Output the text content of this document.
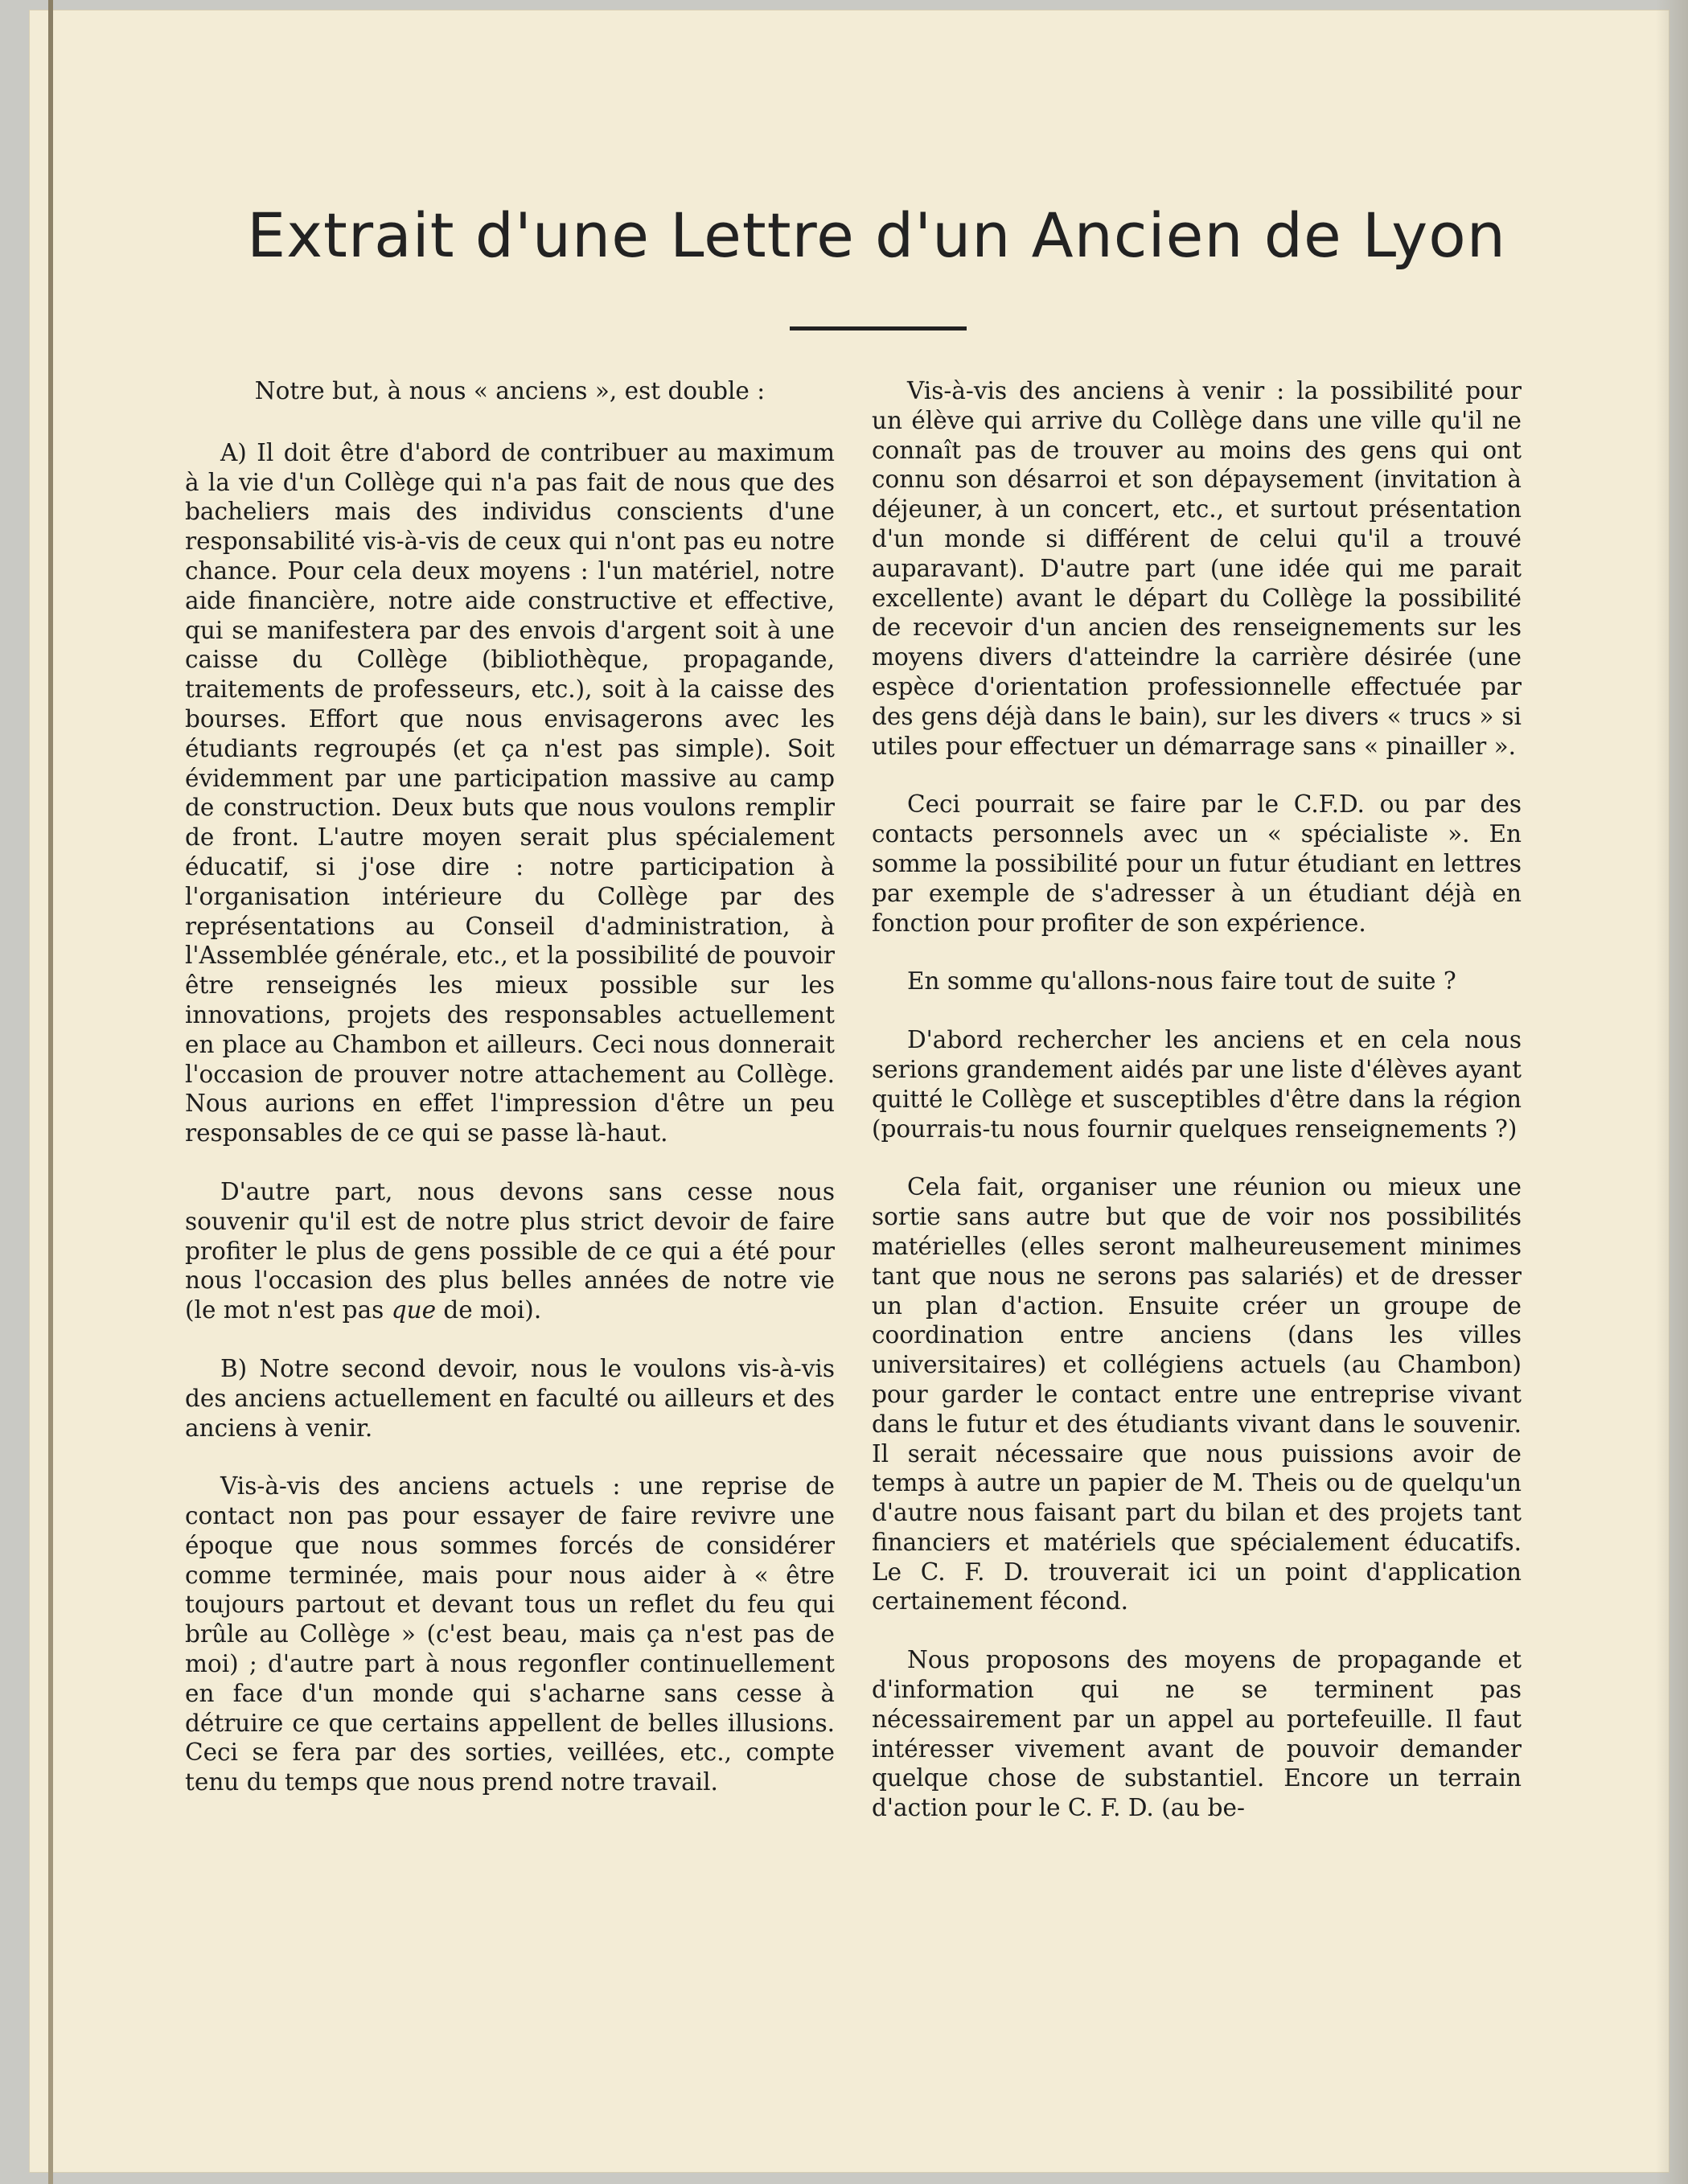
Extrait d'une Lettre d'un Ancien de Lyon

Notre but, à nous « anciens », est double :

A) Il doit être d'abord de contribuer au maximum à la vie d'un Collège qui n'a pas fait de nous que des bacheliers mais des individus conscients d'une responsabilité vis-à-vis de ceux qui n'ont pas eu notre chance. Pour cela deux moyens : l'un matériel, notre aide financière, notre aide constructive et effective, qui se manifestera par des envois d'argent soit à une caisse du Collège (bibliothèque, propagande, traitements de professeurs, etc.), soit à la caisse des bourses. Effort que nous envisagerons avec les étudiants regroupés (et ça n'est pas simple). Soit évidemment par une participation massive au camp de construction. Deux buts que nous voulons remplir de front. L'autre moyen serait plus spécialement éducatif, si j'ose dire : notre participation à l'organisation intérieure du Collège par des représentations au Conseil d'administration, à l'Assemblée générale, etc., et la possibilité de pouvoir être renseignés les mieux possible sur les innovations, projets des responsables actuellement en place au Chambon et ailleurs. Ceci nous donnerait l'occasion de prouver notre attachement au Collège. Nous aurions en effet l'impression d'être un peu responsables de ce qui se passe là-haut.

D'autre part, nous devons sans cesse nous souvenir qu'il est de notre plus strict devoir de faire profiter le plus de gens possible de ce qui a été pour nous l'occasion des plus belles années de notre vie (le mot n'est pas que de moi).

B) Notre second devoir, nous le voulons vis-à-vis des anciens actuellement en faculté ou ailleurs et des anciens à venir.

Vis-à-vis des anciens actuels : une reprise de contact non pas pour essayer de faire revivre une époque que nous sommes forcés de considérer comme terminée, mais pour nous aider à « être toujours partout et devant tous un reflet du feu qui brûle au Collège » (c'est beau, mais ça n'est pas de moi) ; d'autre part à nous regonfler continuellement en face d'un monde qui s'acharne sans cesse à détruire ce que certains appellent de belles illusions. Ceci se fera par des sorties, veillées, etc., compte tenu du temps que nous prend notre travail.

Vis-à-vis des anciens à venir : la possibilité pour un élève qui arrive du Collège dans une ville qu'il ne connaît pas de trouver au moins des gens qui ont connu son désarroi et son dépaysement (invitation à déjeuner, à un concert, etc., et surtout présentation d'un monde si différent de celui qu'il a trouvé auparavant). D'autre part (une idée qui me parait excellente) avant le départ du Collège la possibilité de recevoir d'un ancien des renseignements sur les moyens divers d'atteindre la carrière désirée (une espèce d'orientation professionnelle effectuée par des gens déjà dans le bain), sur les divers « trucs » si utiles pour effectuer un démarrage sans « pinailler ».

Ceci pourrait se faire par le C.F.D. ou par des contacts personnels avec un « spécialiste ». En somme la possibilité pour un futur étudiant en lettres par exemple de s'adresser à un étudiant déjà en fonction pour profiter de son expérience.

En somme qu'allons-nous faire tout de suite ?

D'abord rechercher les anciens et en cela nous serions grandement aidés par une liste d'élèves ayant quitté le Collège et susceptibles d'être dans la région (pourrais-tu nous fournir quelques renseignements ?)

Cela fait, organiser une réunion ou mieux une sortie sans autre but que de voir nos possibilités matérielles (elles seront malheureusement minimes tant que nous ne serons pas salariés) et de dresser un plan d'action. Ensuite créer un groupe de coordination entre anciens (dans les villes universitaires) et collégiens actuels (au Chambon) pour garder le contact entre une entreprise vivant dans le futur et des étudiants vivant dans le souvenir. Il serait nécessaire que nous puissions avoir de temps à autre un papier de M. Theis ou de quelqu'un d'autre nous faisant part du bilan et des projets tant financiers et matériels que spécialement éducatifs. Le C. F. D. trouverait ici un point d'application certainement fécond.

Nous proposons des moyens de propagande et d'information qui ne se terminent pas nécessairement par un appel au portefeuille. Il faut intéresser vivement avant de pouvoir demander quelque chose de substantiel. Encore un terrain d'action pour le C. F. D. (au be-
